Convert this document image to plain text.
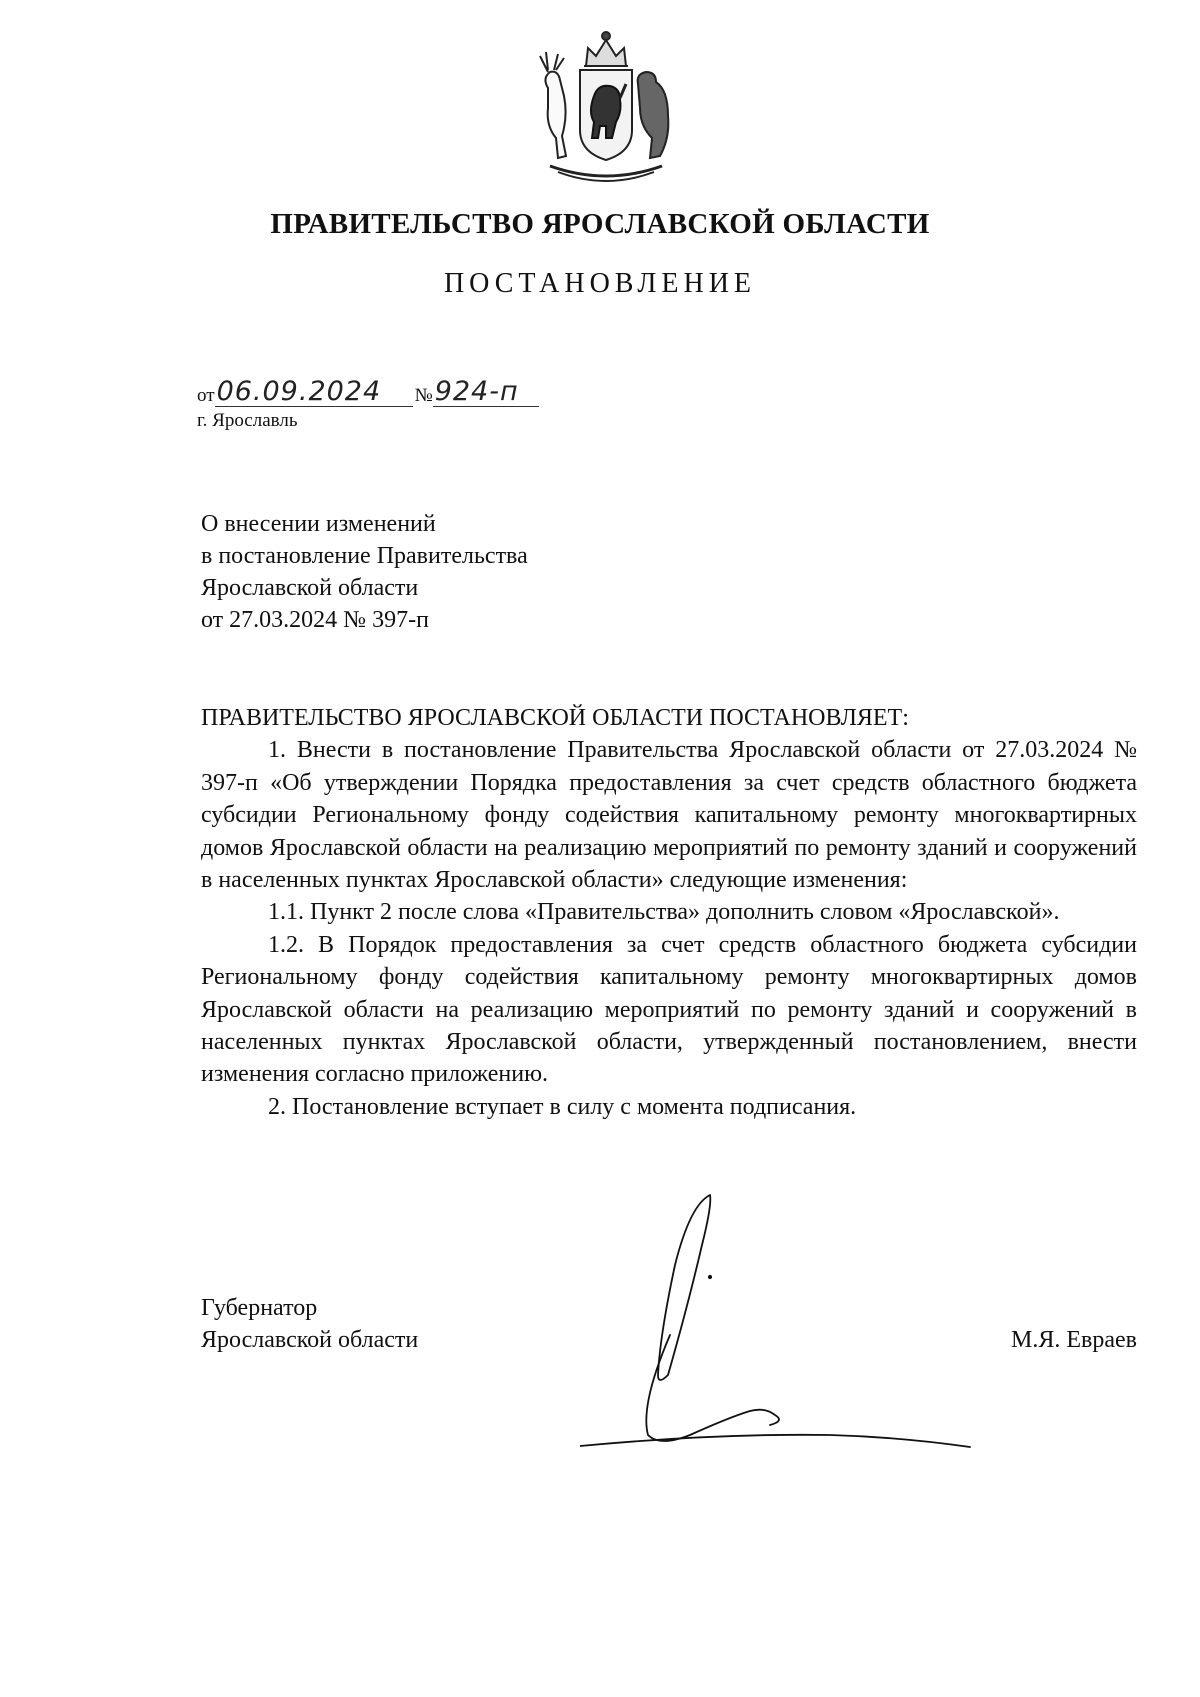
ПРАВИТЕЛЬСТВО ЯРОСЛАВСКОЙ ОБЛАСТИ
ПОСТАНОВЛЕНИЕ
от06.09.2024 №924-п
г. Ярославль
О внесении изменений
в постановление Правительства
Ярославской области
от 27.03.2024 № 397-п

ПРАВИТЕЛЬСТВО ЯРОСЛАВСКОЙ ОБЛАСТИ ПОСТАНОВЛЯЕТ:

1. Внести в постановление Правительства Ярославской области от 27.03.2024 № 397-п «Об утверждении Порядка предоставления за счет средств областного бюджета субсидии Региональному фонду содействия капитальному ремонту многоквартирных домов Ярославской области на реализацию мероприятий по ремонту зданий и сооружений в населенных пунктах Ярославской области» следующие изменения:

1.1. Пункт 2 после слова «Правительства» дополнить словом «Ярославской».

1.2. В Порядок предоставления за счет средств областного бюджета субсидии Региональному фонду содействия капитальному ремонту многоквартирных домов Ярославской области на реализацию мероприятий по ремонту зданий и сооружений в населенных пунктах Ярославской области, утвержденный постановлением, внести изменения согласно приложению.

2. Постановление вступает в силу с момента подписания.

Губернатор
Ярославской области	М.Я. Евраев
